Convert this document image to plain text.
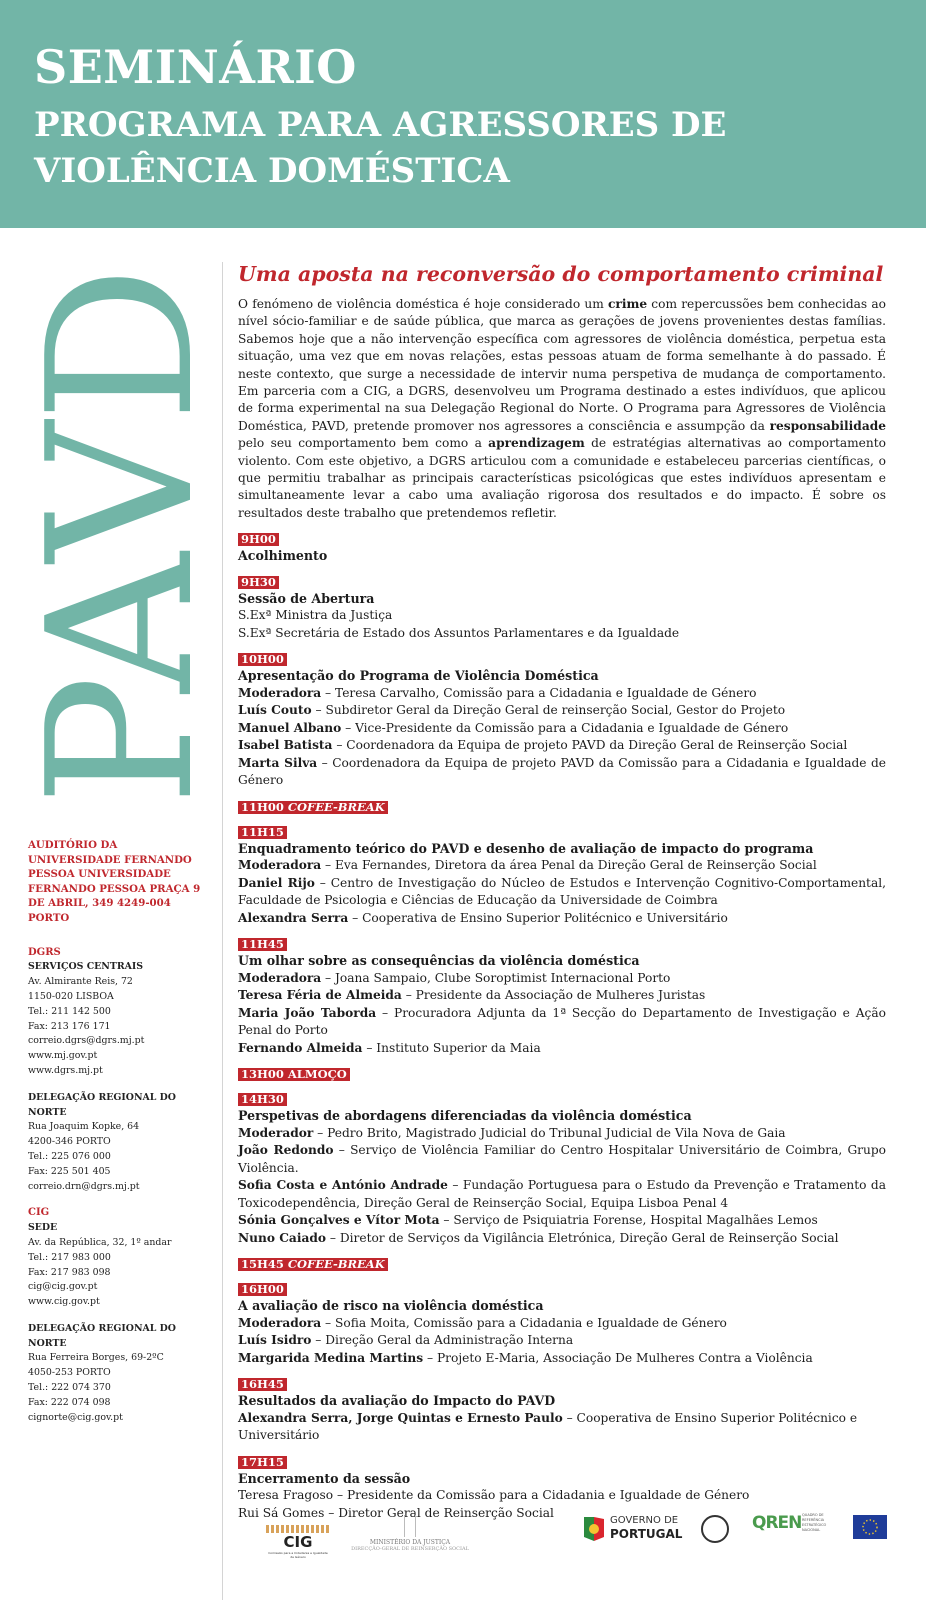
SEMINÁRIO
PROGRAMA PARA AGRESSORES DE VIOLÊNCIA DOMÉSTICA
PAVD
AUDITÓRIO DA UNIVERSIDADE FERNANDO PESSOA UNIVERSIDADE FERNANDO PESSOA PRAÇA 9 DE ABRIL, 349 4249-004 PORTO
DGRS
SERVIÇOS CENTRAIS
Av. Almirante Reis, 72
1150-020 LISBOA
Tel.: 211 142 500
Fax: 213 176 171
correio.dgrs@dgrs.mj.pt
www.mj.gov.pt
www.dgrs.mj.pt
DELEGAÇÃO REGIONAL DO NORTE
Rua Joaquim Kopke, 64
4200-346 PORTO
Tel.: 225 076 000
Fax: 225 501 405
correio.drn@dgrs.mj.pt
CIG
SEDE
Av. da República, 32, 1º andar
Tel.: 217 983 000
Fax: 217 983 098
cig@cig.gov.pt
www.cig.gov.pt
DELEGAÇÃO REGIONAL DO NORTE
Rua Ferreira Borges, 69-2ºC
4050-253 PORTO
Tel.: 222 074 370
Fax: 222 074 098
cignorte@cig.gov.pt
Uma aposta na reconversão do comportamento criminal
O fenómeno de violência doméstica é hoje considerado um crime com repercussões bem conhecidas ao nível sócio-familiar e de saúde pública, que marca as gerações de jovens provenientes destas famílias. Sabemos hoje que a não intervenção específica com agressores de violência doméstica, perpetua esta situação, uma vez que em novas relações, estas pessoas atuam de forma semelhante à do passado. É neste contexto, que surge a necessidade de intervir numa perspetiva de mudança de comportamento. Em parceria com a CIG, a DGRS, desenvolveu um Programa destinado a estes indivíduos, que aplicou de forma experimental na sua Delegação Regional do Norte. O Programa para Agressores de Violência Doméstica, PAVD, pretende promover nos agressores a consciência e assumpção da responsabilidade pelo seu comportamento bem como a aprendizagem de estratégias alternativas ao comportamento violento. Com este objetivo, a DGRS articulou com a comunidade e estabeleceu parcerias científicas, o que permitiu trabalhar as principais características psicológicas que estes indivíduos apresentam e simultaneamente levar a cabo uma avaliação rigorosa dos resultados e do impacto. É sobre os resultados deste trabalho que pretendemos refletir.
9H00
Acolhimento
9H30
Sessão de Abertura
S.Exª Ministra da Justiça
S.Exª Secretária de Estado dos Assuntos Parlamentares e da Igualdade
10H00
Apresentação do Programa de Violência Doméstica
Moderadora – Teresa Carvalho, Comissão para a Cidadania e Igualdade de Género
Luís Couto – Subdiretor Geral da Direção Geral de reinserção Social, Gestor do Projeto
Manuel Albano – Vice-Presidente da Comissão para a Cidadania e Igualdade de Género
Isabel Batista – Coordenadora da Equipa de projeto PAVD da Direção Geral de Reinserção Social
Marta Silva – Coordenadora da Equipa de projeto PAVD da Comissão para a Cidadania e Igualdade de Género
11H00 COFEE-BREAK
11H15
Enquadramento teórico do PAVD e desenho de avaliação de impacto do programa
Moderadora – Eva Fernandes, Diretora da área Penal da Direção Geral de Reinserção Social
Daniel Rijo – Centro de Investigação do Núcleo de Estudos e Intervenção Cognitivo-Comportamental, Faculdade de Psicologia e Ciências de Educação da Universidade de Coimbra
Alexandra Serra – Cooperativa de Ensino Superior Politécnico e Universitário
11H45
Um olhar sobre as consequências da violência doméstica
Moderadora – Joana Sampaio, Clube Soroptimist Internacional Porto
Teresa Féria de Almeida – Presidente da Associação de Mulheres Juristas
Maria João Taborda – Procuradora Adjunta da 1ª Secção do Departamento de Investigação e Ação Penal do Porto
Fernando Almeida – Instituto Superior da Maia
13H00 ALMOÇO
14H30
Perspetivas de abordagens diferenciadas da violência doméstica
Moderador – Pedro Brito, Magistrado Judicial do Tribunal Judicial de Vila Nova de Gaia
João Redondo – Serviço de Violência Familiar do Centro Hospitalar Universitário de Coimbra, Grupo Violência.
Sofia Costa e António Andrade – Fundação Portuguesa para o Estudo da Prevenção e Tratamento da Toxicodependência, Direção Geral de Reinserção Social, Equipa Lisboa Penal 4
Sónia Gonçalves e Vítor Mota – Serviço de Psiquiatria Forense, Hospital Magalhães Lemos
Nuno Caiado – Diretor de Serviços da Vigilância Eletrónica, Direção Geral de Reinserção Social
15H45 COFEE-BREAK
16H00
A avaliação de risco na violência doméstica
Moderadora – Sofia Moita, Comissão para a Cidadania e Igualdade de Género
Luís Isidro – Direção Geral da Administração Interna
Margarida Medina Martins – Projeto E-Maria, Associação De Mulheres Contra a Violência
16H45
Resultados da avaliação do Impacto do PAVD
Alexandra Serra, Jorge Quintas e Ernesto Paulo – Cooperativa de Ensino Superior Politécnico e Universitário
17H15
Encerramento da sessão
Teresa Fragoso – Presidente da Comissão para a Cidadania e Igualdade de Género
Rui Sá Gomes – Diretor Geral de Reinserção Social
CIG
Comissão para a Cidadania e Igualdade de Género
MINISTÉRIO DA JUSTIÇA
DIRECÇÃO-GERAL DE REINSERÇÃO SOCIAL
GOVERNO DE
PORTUGAL
QREN QUADRO DE REFERÊNCIA ESTRATÉGICO NACIONAL
